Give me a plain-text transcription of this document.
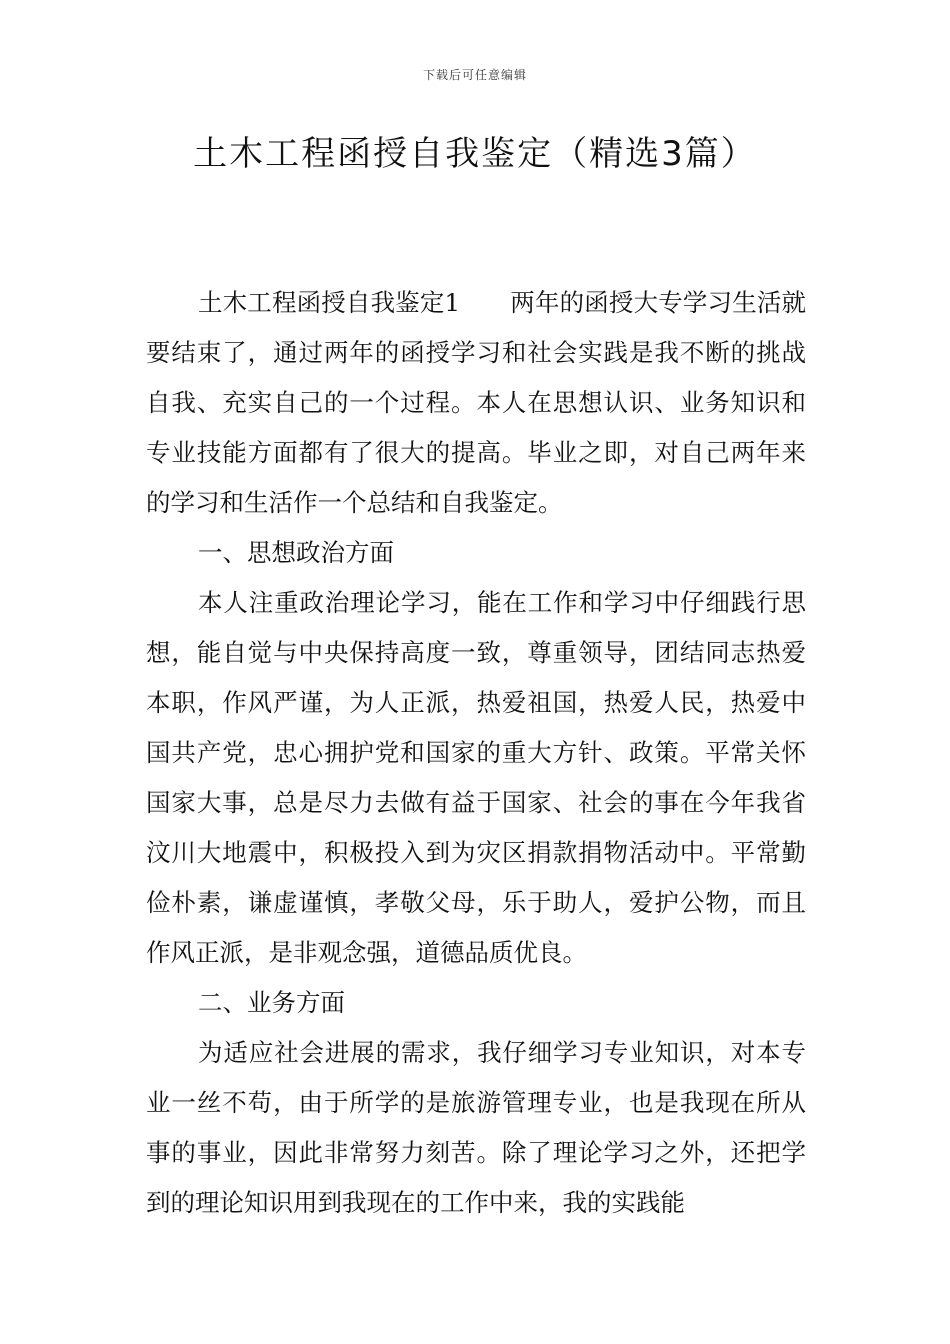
下载后可任意编辑
土木工程函授自我鉴定（精选3篇）

土木工程函授自我鉴定1 两年的函授大专学习生活就要结束了，通过两年的函授学习和社会实践是我不断的挑战自我、充实自己的一个过程。本人在思想认识、业务知识和专业技能方面都有了很大的提高。毕业之即，对自己两年来的学习和生活作一个总结和自我鉴定。

一、思想政治方面

本人注重政治理论学习，能在工作和学习中仔细践行思想，能自觉与中央保持高度一致，尊重领导，团结同志热爱本职，作风严谨，为人正派，热爱祖国，热爱人民，热爱中国共产党，忠心拥护党和国家的重大方针、政策。平常关怀国家大事，总是尽力去做有益于国家、社会的事在今年我省汶川大地震中，积极投入到为灾区捐款捐物活动中。平常勤俭朴素，谦虚谨慎，孝敬父母，乐于助人，爱护公物，而且作风正派，是非观念强，道德品质优良。

二、业务方面

为适应社会进展的需求，我仔细学习专业知识，对本专业一丝不苟，由于所学的是旅游管理专业，也是我现在所从事的事业，因此非常努力刻苦。除了理论学习之外，还把学到的理论知识用到我现在的工作中来，我的实践能
